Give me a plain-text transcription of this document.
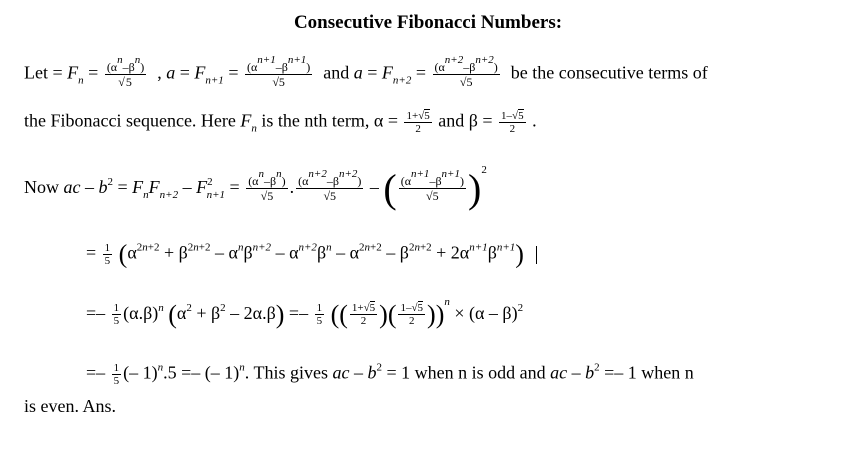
Consecutive Fibonacci Numbers:
Let = $F_n = \frac{(\alpha^n-\beta^n)}{√5}$ , $a = F_{n+1} = \frac{(\alpha^{n+1}-\beta^{n+1})}{√5}$ and $a = F_{n+2} = \frac{(\alpha^{n+2}-\beta^{n+2})}{√5}$ be the consecutive terms of
the Fibonacci sequence. Here $F_n$ is the nth term, $\alpha = \frac{1+√5}{2}$ and $\beta = \frac{1-√5}{2}$ .
Now ac – $b^2 = F_nF_{n+2} - F^2_{n+1} = \frac{(\alpha^n-\beta^n)}{√5}$ . $\frac{(\alpha^{n+2}-\beta^{n+2})}{√5}$ – ( $\frac{(\alpha^{n+1}-\beta^{n+1})}{√5} )^2$
= $\frac{1}{5} (\alpha^{2n+2} + \beta^{2n+2} - \alpha^n\beta^{n+2} - \alpha^{n+2}\beta^n - \alpha^{2n+2} - \beta^{2n+2} + 2\alpha^{n+1}\beta^{n+1})$
=– $\frac{1}{5} (\alpha.\beta)^n$ $(\alpha^2 + \beta^2 - 2\alpha.\beta) =- \frac{1}{5}$ (( $\frac{1+√5}{2}$ )( $\frac{1-√5}{2} ))^n \times (\alpha - \beta)^2$
=– $\frac{1}{5}$ (– 1)$^n$.5 =– (– 1)$^n$. This gives ac – $b^2 = 1$ when n is odd and ac – $b^2 =- 1$ when n
is even. Ans.
